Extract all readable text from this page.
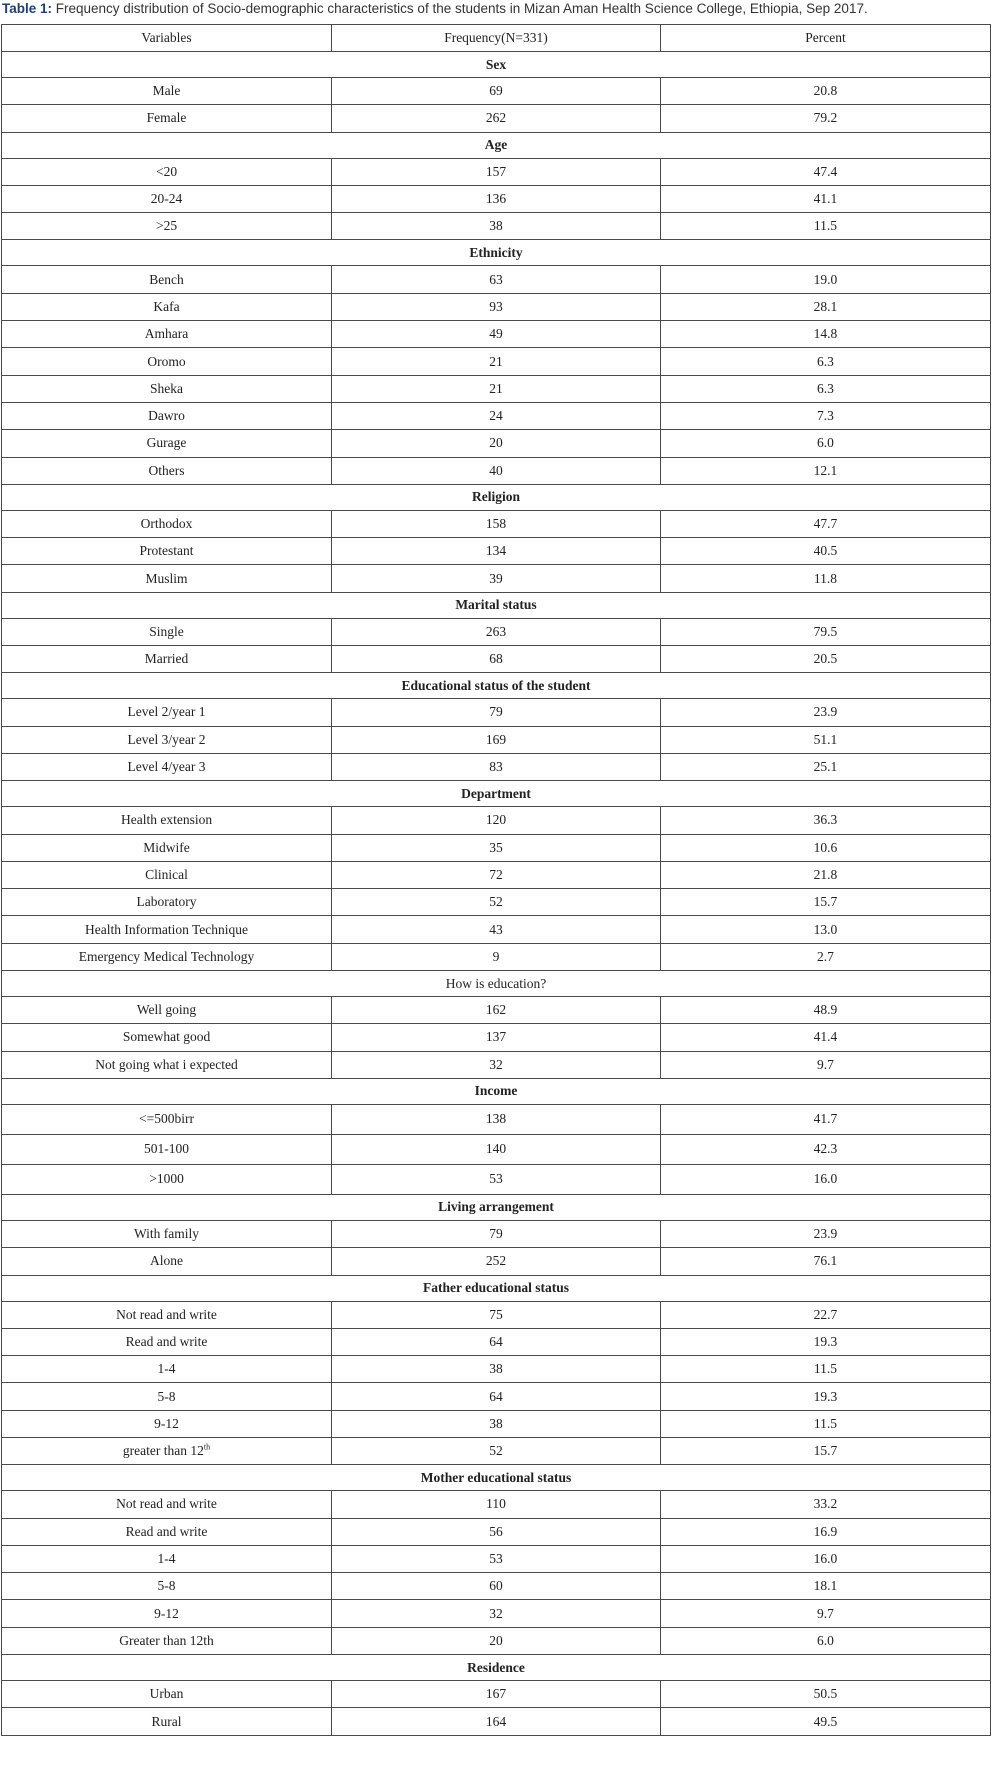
Table 1: Frequency distribution of Socio-demographic characteristics of the students in Mizan Aman Health Science College, Ethiopia, Sep 2017.
Variables	Frequency(N=331)	Percent
Sex		
Male	69	20.8
Female	262	79.2
Age		
<20	157	47.4
20-24	136	41.1
>25	38	11.5
Ethnicity		
Bench	63	19.0
Kafa	93	28.1
Amhara	49	14.8
Oromo	21	6.3
Sheka	21	6.3
Dawro	24	7.3
Gurage	20	6.0
Others	40	12.1
Religion		
Orthodox	158	47.7
Protestant	134	40.5
Muslim	39	11.8
Marital status		
Single	263	79.5
Married	68	20.5
Educational status of the student		
Level 2/year 1	79	23.9
Level 3/year 2	169	51.1
Level 4/year 3	83	25.1
Department		
Health extension	120	36.3
Midwife	35	10.6
Clinical	72	21.8
Laboratory	52	15.7
Health Information Technique	43	13.0
Emergency Medical Technology	9	2.7
How is education?		
Well going	162	48.9
Somewhat good	137	41.4
Not going what i expected	32	9.7
Income		
<=500birr	138	41.7
501-100	140	42.3
>1000	53	16.0
Living arrangement		
With family	79	23.9
Alone	252	76.1
Father educational status		
Not read and write	75	22.7
Read and write	64	19.3
1-4	38	11.5
5-8	64	19.3
9-12	38	11.5
greater than 12th	52	15.7
Mother educational status		
Not read and write	110	33.2
Read and write	56	16.9
1-4	53	16.0
5-8	60	18.1
9-12	32	9.7
Greater than 12th	20	6.0
Residence		
Urban	167	50.5
Rural	164	49.5
